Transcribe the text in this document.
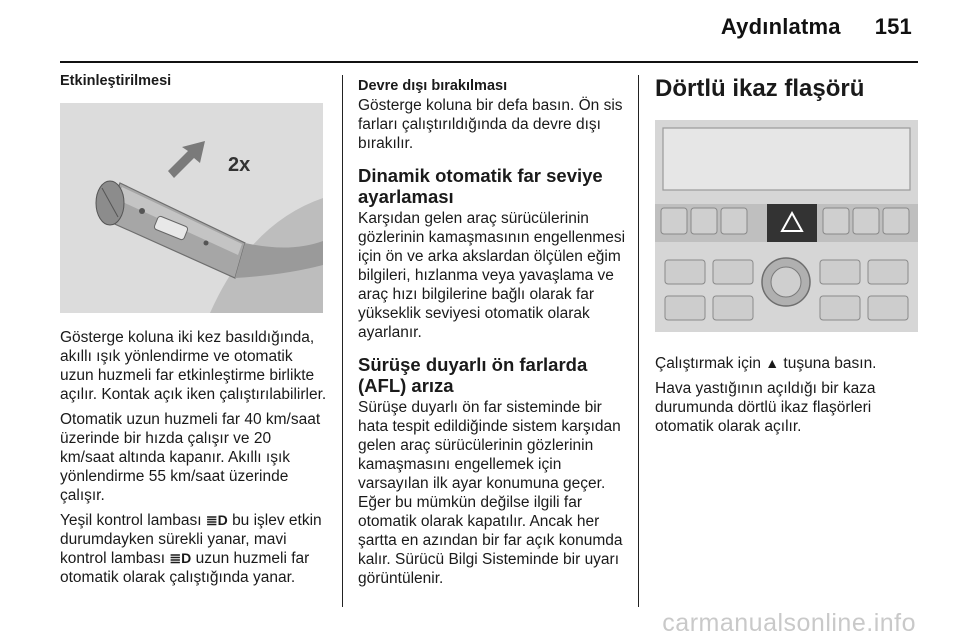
Aydınlatma 151
Etkinleştirilmesi
2x

Gösterge koluna iki kez basıldığında, akıllı ışık yönlendirme ve otomatik uzun huzmeli far etkinleştirme birlikte açılır. Kontak açık iken çalıştırılabilirler.

Otomatik uzun huzmeli far 40 km/saat üzerinde bir hızda çalışır ve 20 km/saat altında kapanır. Akıllı ışık yönlendirme 55 km/saat üzerinde çalışır.

Yeşil kontrol lambası ≣D bu işlev etkin durumdayken sürekli yanar, mavi kontrol lambası ≣D uzun huzmeli far otomatik olarak çalıştığında yanar.

Devre dışı bırakılması

Gösterge koluna bir defa basın. Ön sis farları çalıştırıldığında da devre dışı bırakılır.

Dinamik otomatik far seviye ayarlaması

Karşıdan gelen araç sürücülerinin gözlerinin kamaşmasının engellenmesi için ön ve arka akslardan ölçülen eğim bilgileri, hızlanma veya yavaşlama ve araç hızı bilgilerine bağlı olarak far yükseklik seviyesi otomatik olarak ayarlanır.

Sürüşe duyarlı ön farlarda (AFL) arıza

Sürüşe duyarlı ön far sisteminde bir hata tespit edildiğinde sistem karşıdan gelen araç sürücülerinin gözlerinin kamaşmasını engellemek için varsayılan ilk ayar konumuna geçer. Eğer bu mümkün değilse ilgili far otomatik olarak kapatılır. Ancak her şartta en azından bir far açık konumda kalır. Sürücü Bilgi Sisteminde bir uyarı görüntülenir.

Dörtlü ikaz flaşörü

Çalıştırmak için ▲ tuşuna basın.

Hava yastığının açıldığı bir kaza durumunda dörtlü ikaz flaşörleri otomatik olarak açılır.

carmanualsonline.info
